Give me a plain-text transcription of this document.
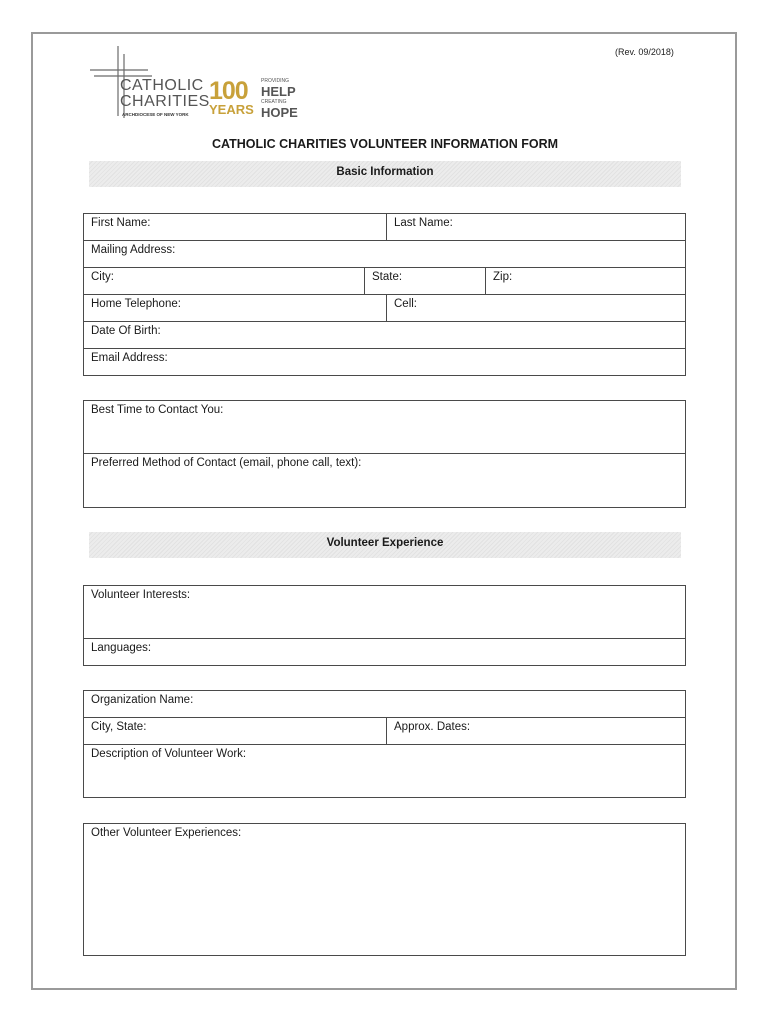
(Rev. 09/2018)
CATHOLIC
CHARITIES
ARCHDIOCESE OF NEW YORK
100
YEARS
PROVIDING
HELP
CREATING
HOPE
CATHOLIC CHARITIES VOLUNTEER INFORMATION FORM
Basic Information
First Name:	Last Name:
Mailing Address:
City:	State:	Zip:
Home Telephone:	Cell:
Date Of Birth:
Email Address:
Best Time to Contact You:
Preferred Method of Contact (email, phone call, text):
Volunteer Experience
Volunteer Interests:
Languages:
Organization Name:
City, State:	Approx. Dates:
Description of Volunteer Work:
Other Volunteer Experiences:
